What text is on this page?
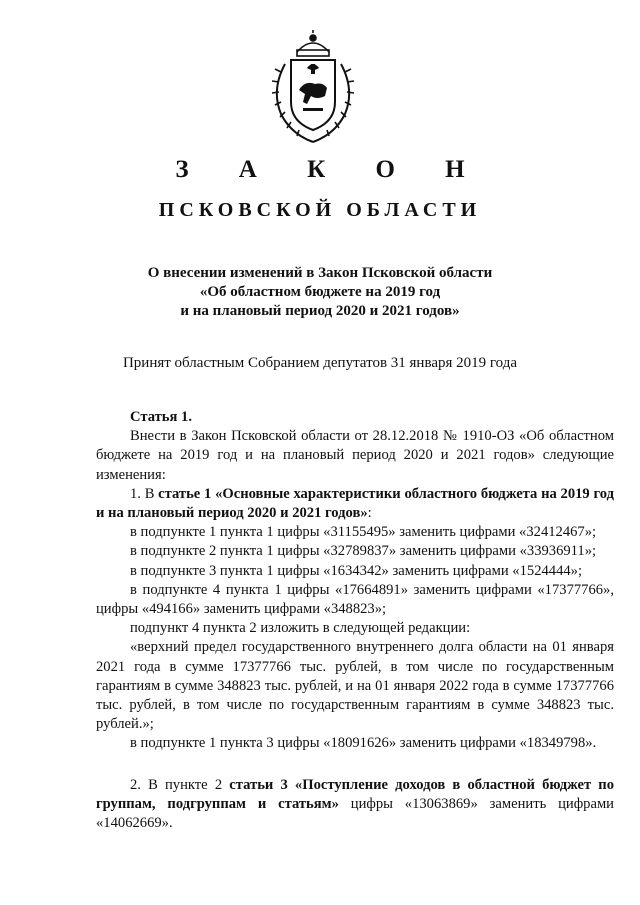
З А К О Н
ПСКОВСКОЙ ОБЛАСТИ
О внесении изменений в Закон Псковской области
«Об областном бюджете на 2019 год
и на плановый период 2020 и 2021 годов»
Принят областным Собранием депутатов 31 января 2019 года

Статья 1.

Внести в Закон Псковской области от 28.12.2018 № 1910-ОЗ «Об областном бюджете на 2019 год и на плановый период 2020 и 2021 годов» следующие изменения:

1. В статье 1 «Основные характеристики областного бюджета на 2019 год и на плановый период 2020 и 2021 годов»:

в подпункте 1 пункта 1 цифры «31155495» заменить цифрами «32412467»;

в подпункте 2 пункта 1 цифры «32789837» заменить цифрами «33936911»;

в подпункте 3 пункта 1 цифры «1634342» заменить цифрами «1524444»;

в подпункте 4 пункта 1 цифры «17664891» заменить цифрами «17377766», цифры «494166» заменить цифрами «348823»;

подпункт 4 пункта 2 изложить в следующей редакции:

«верхний предел государственного внутреннего долга области на 01 января 2021 года в сумме 17377766 тыс. рублей, в том числе по государственным гарантиям в сумме 348823 тыс. рублей, и на 01 января 2022 года в сумме 17377766 тыс. рублей, в том числе по государственным гарантиям в сумме 348823 тыс. рублей.»;

в подпункте 1 пункта 3 цифры «18091626» заменить цифрами «18349798».

2. В пункте 2 статьи 3 «Поступление доходов в областной бюджет по группам, подгруппам и статьям» цифры «13063869» заменить цифрами «14062669».
